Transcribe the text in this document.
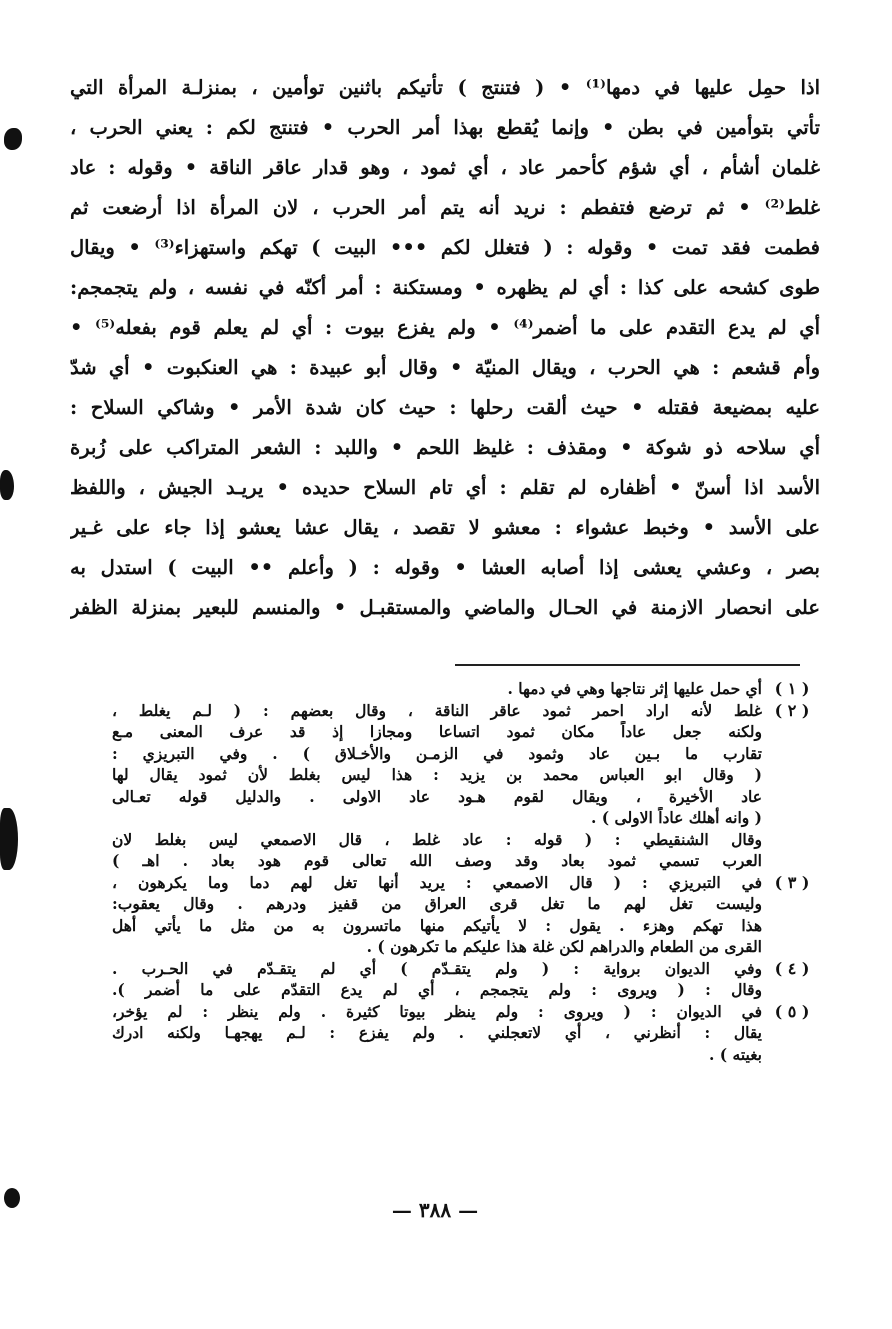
اذا حمِل عليها في دمها⁽¹⁾ • ( فتنتج ) تأتيكم باثنين توأمين ، بمنزلـة المرأة التي
تأتي بتوأمين في بطن • وإنما يُقطع بهذا أمر الحرب • فتنتج لكم : يعني الحرب ،
غلمان أشأم ، أي شؤم كأحمر عاد ، أي ثمود ، وهو قدار عاقر الناقة • وقوله : عاد
غلط⁽²⁾ • ثم ترضع فتفطم : نريد أنه يتم أمر الحرب ، لان المرأة اذا أرضعت ثم
فطمت فقد تمت • وقوله : ( فتغلل لكم ••• البيت ) تهكم واستهزاء⁽³⁾ • ويقال
طوى كشحه على كذا : أي لم يظهره • ومستكنة : أمر أكنّه في نفسه ، ولم يتجمجم:
أي لم يدع التقدم على ما أضمر⁽⁴⁾ • ولم يفزع بيوت : أي لم يعلم قوم بفعله⁽⁵⁾ •
وأم قشعم : هي الحرب ، ويقال المنيّة • وقال أبو عبيدة : هي العنكبوت • أي شدّ
عليه بمضيعة فقتله • حيث ألقت رحلها : حيث كان شدة الأمر • وشاكي السلاح :
أي سلاحه ذو شوكة • ومقذف : غليظ اللحم • واللبد : الشعر المتراكب على زُبرة
الأسد اذا أسنّ • أظفاره لم تقلم : أي تام السلاح حديده • يريـد الجيش ، واللفظ
على الأسد • وخبط عشواء : معشو لا تقصد ، يقال عشا يعشو إذا جاء على غـير
بصر ، وعشي يعشى إذا أصابه العشا • وقوله : ( وأعلم •• البيت ) استدل به
على انحصار الازمنة في الحـال والماضي والمستقبـل • والمنسم للبعير بمنزلة الظفر
( ١ )
أي حمل عليها إثر نتاجها وهي في دمها .
( ٢ )
غلط لأنه اراد احمر ثمود عاقر الناقة ، وقال بعضهم : ( لـم يغلط ،
ولكنه جعل عاداً مكان ثمود اتساعا ومجازا إذ قد عرف المعنى مـع
تقارب ما بـين عاد وثمود في الزمـن والأخـلاق ) . وفي التبريزي :
( وقال ابو العباس محمد بن يزيد : هذا ليس بغلط لأن ثمود يقال لها
عاد الأخيرة ، ويقال لقوم هـود عاد الاولى . والدليل قوله تعـالى
( وانه أهلك عاداً الاولى ) .
وقال الشنقيطي : ( قوله : عاد غلط ، قال الاصمعي ليس بغلط لان
العرب تسمي ثمود بعاد وقد وصف الله تعالى قوم هود بعاد . اهـ )
( ٣ )
في التبريزي : ( قال الاصمعي : يريد أنها تغل لهم دما وما يكرهون ،
وليست تغل لهم ما تغل قرى العراق من قفيز ودرهم . وقال يعقوب:
هذا تهكم وهزء . يقول : لا يأتيكم منها ماتسرون به من مثل ما يأتي أهل
القرى من الطعام والدراهم لكن غلة هذا عليكم ما تكرهون ) .
( ٤ )
وفي الديوان برواية : ( ولم يتقـدّم ) أي لم يتقـدّم في الحـرب .
وقال : ( ويروى : ولم يتجمجم ، أي لم يدع التقدّم على ما أضمر ).
( ٥ )
في الديوان : ( ويروى : ولم ينظر بيوتا كثيرة . ولم ينظر : لم يؤخر،
يقال : أنظرني ، أي لاتعجلني . ولم يفزع : لـم يهجهـا ولكنه ادرك
بغيته ) .
— ٣٨٨ —
